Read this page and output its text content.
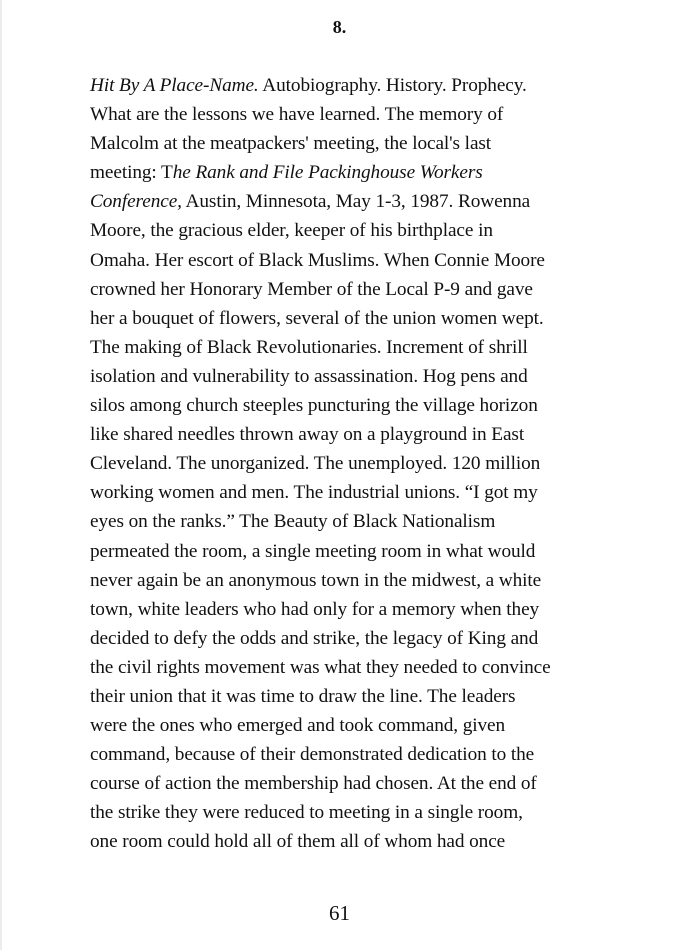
8.
Hit By A Place-Name. Autobiography. History. Prophecy.
What are the lessons we have learned. The memory of
Malcolm at the meatpackers' meeting, the local's last
meeting: The Rank and File Packinghouse Workers
Conference, Austin, Minnesota, May 1-3, 1987. Rowenna
Moore, the gracious elder, keeper of his birthplace in
Omaha. Her escort of Black Muslims. When Connie Moore
crowned her Honorary Member of the Local P-9 and gave
her a bouquet of flowers, several of the union women wept.
The making of Black Revolutionaries. Increment of shrill
isolation and vulnerability to assassination. Hog pens and
silos among church steeples puncturing the village horizon
like shared needles thrown away on a playground in East
Cleveland. The unorganized. The unemployed. 120 million
working women and men. The industrial unions. “I got my
eyes on the ranks.” The Beauty of Black Nationalism
permeated the room, a single meeting room in what would
never again be an anonymous town in the midwest, a white
town, white leaders who had only for a memory when they
decided to defy the odds and strike, the legacy of King and
the civil rights movement was what they needed to convince
their union that it was time to draw the line. The leaders
were the ones who emerged and took command, given
command, because of their demonstrated dedication to the
course of action the membership had chosen. At the end of
the strike they were reduced to meeting in a single room,
one room could hold all of them all of whom had once
61
